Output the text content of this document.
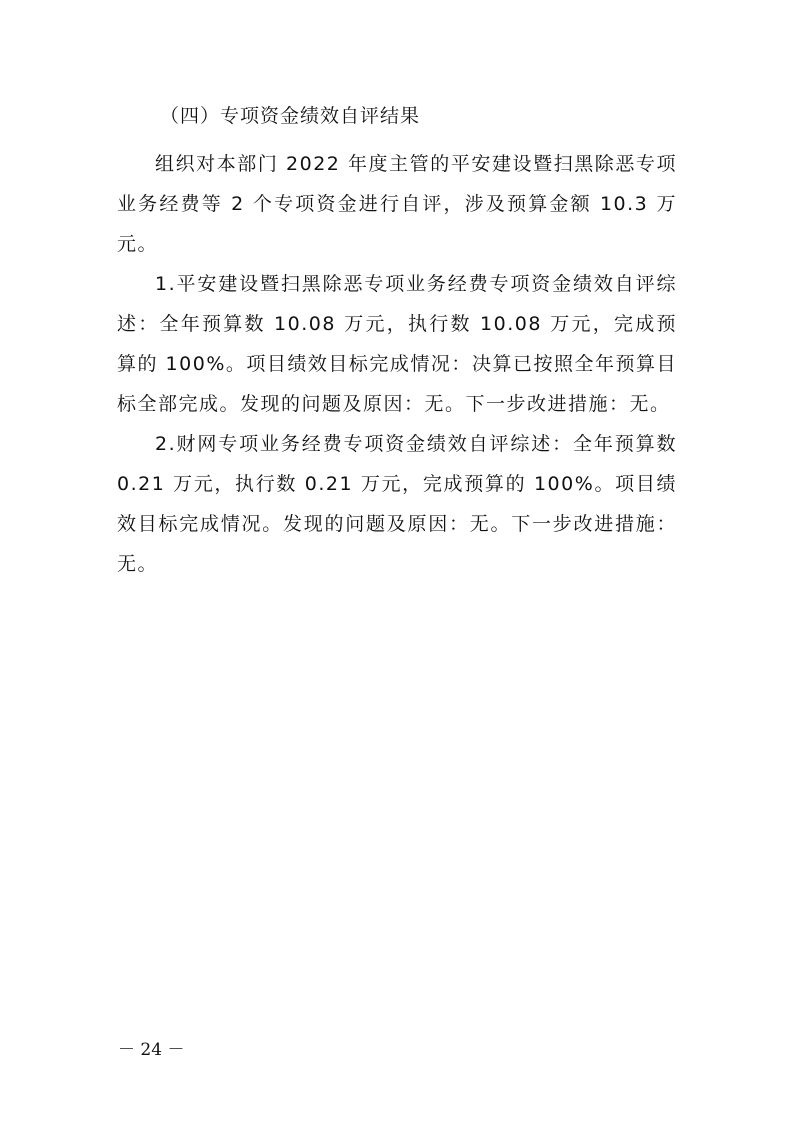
（四）专项资金绩效自评结果

组织对本部门 2022 年度主管的平安建设暨扫黑除恶专项业务经费等 2 个专项资金进行自评，涉及预算金额 10.3 万元。

1.平安建设暨扫黑除恶专项业务经费专项资金绩效自评综述：全年预算数 10.08 万元，执行数 10.08 万元，完成预算的 100%。项目绩效目标完成情况：决算已按照全年预算目标全部完成。发现的问题及原因：无。下一步改进措施：无。

2.财网专项业务经费专项资金绩效自评综述：全年预算数 0.21 万元，执行数 0.21 万元，完成预算的 100%。项目绩效目标完成情况。发现的问题及原因：无。下一步改进措施：无。

－ 24 －
